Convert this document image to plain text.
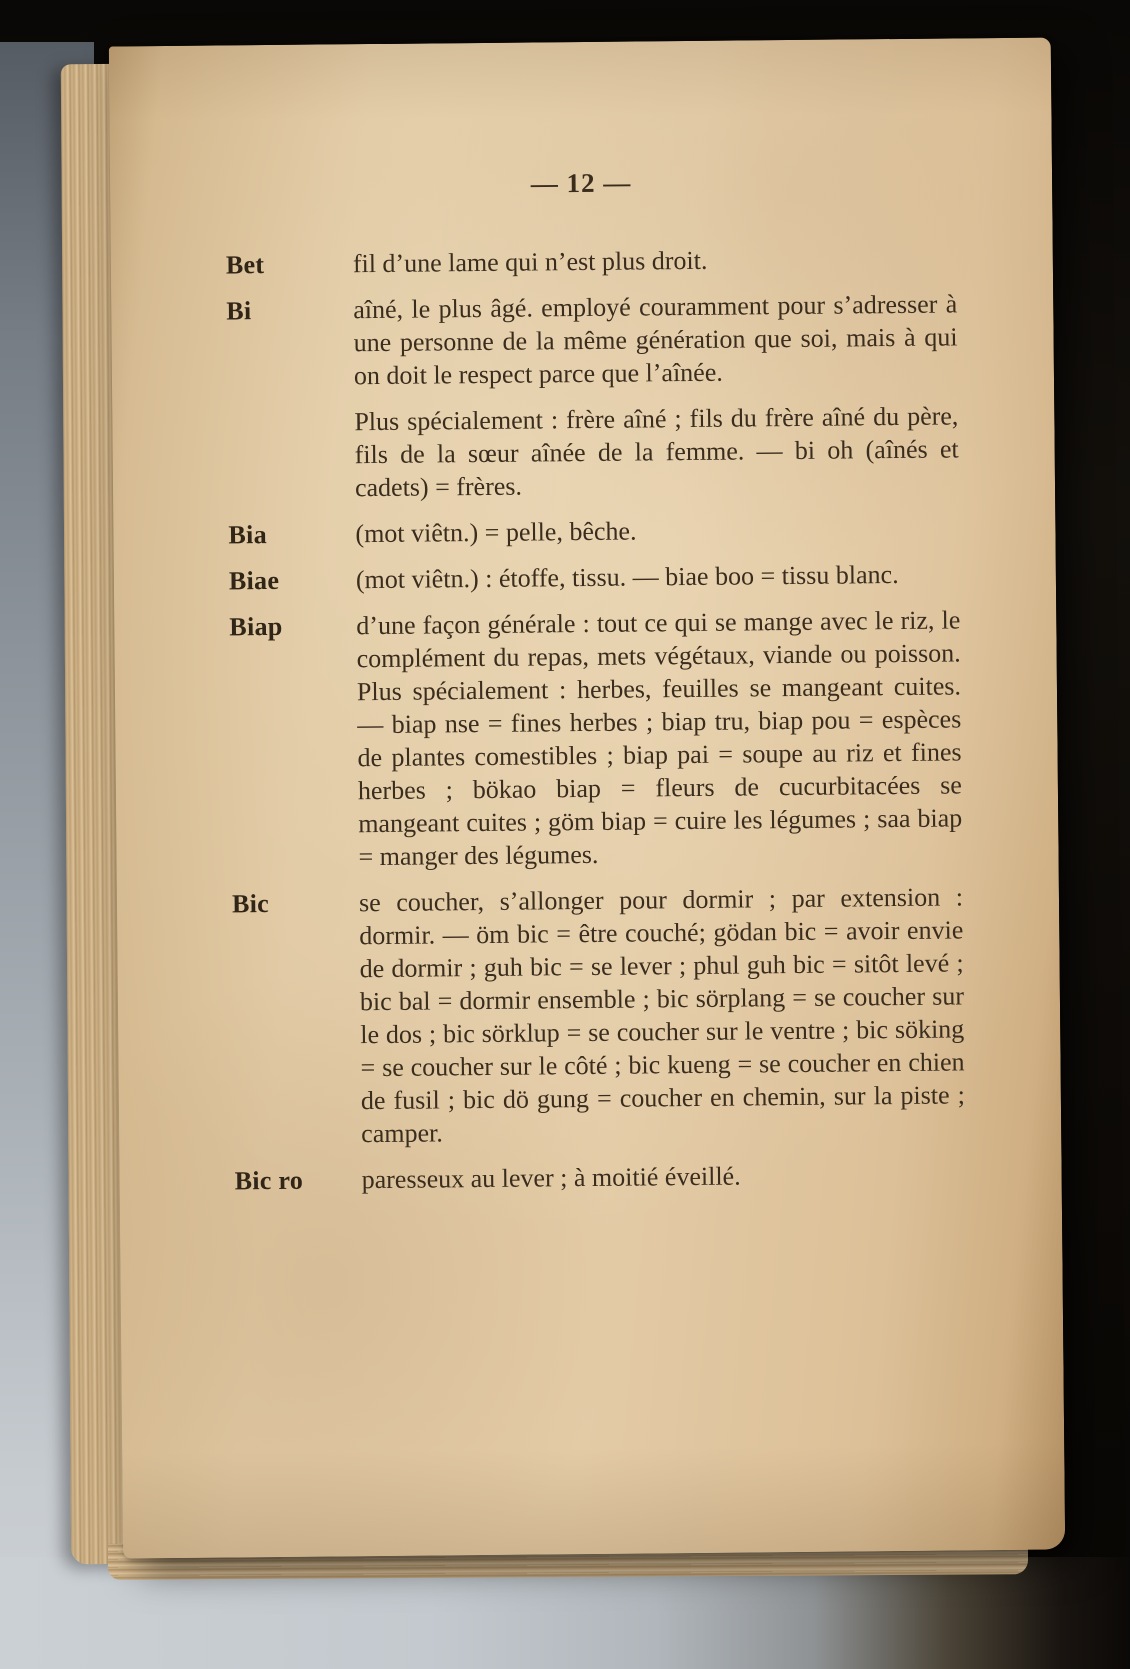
— 12 —
Bet	fil d’une lame qui n’est plus droit.

Bi	aîné, le plus âgé. employé couramment pour s’adresser à une personne de la même génération que soi, mais à qui on doit le respect parce que l’aînée.

Plus spécialement : frère aîné ; fils du frère aîné du père, fils de la sœur aînée de la femme. — bi oh (aînés et cadets) = frères.

Bia	(mot viêtn.) = pelle, bêche.

Biae	(mot viêtn.) : étoffe, tissu. — biae boo = tissu blanc.

Biap	d’une façon générale : tout ce qui se mange avec le riz, le complément du repas, mets végétaux, viande ou poisson. Plus spécialement : herbes, feuilles se mangeant cuites. — biap nse = fines herbes ; biap tru, biap pou = espèces de plantes comestibles ; biap pai = soupe au riz et fines herbes ; bökao biap = fleurs de cucurbitacées se mangeant cuites ; göm biap = cuire les légumes ; saa biap = manger des légumes.

Bic	se coucher, s’allonger pour dormir ; par extension : dormir. — öm bic = être couché; gödan bic = avoir envie de dormir ; guh bic = se lever ; phul guh bic = sitôt levé ; bic bal = dormir ensemble ; bic sörplang = se coucher sur le dos ; bic sörklup = se coucher sur le ventre ; bic söking = se coucher sur le côté ; bic kueng = se coucher en chien de fusil ; bic dö gung = coucher en chemin, sur la piste ; camper.

Bic ro	paresseux au lever ; à moitié éveillé.
